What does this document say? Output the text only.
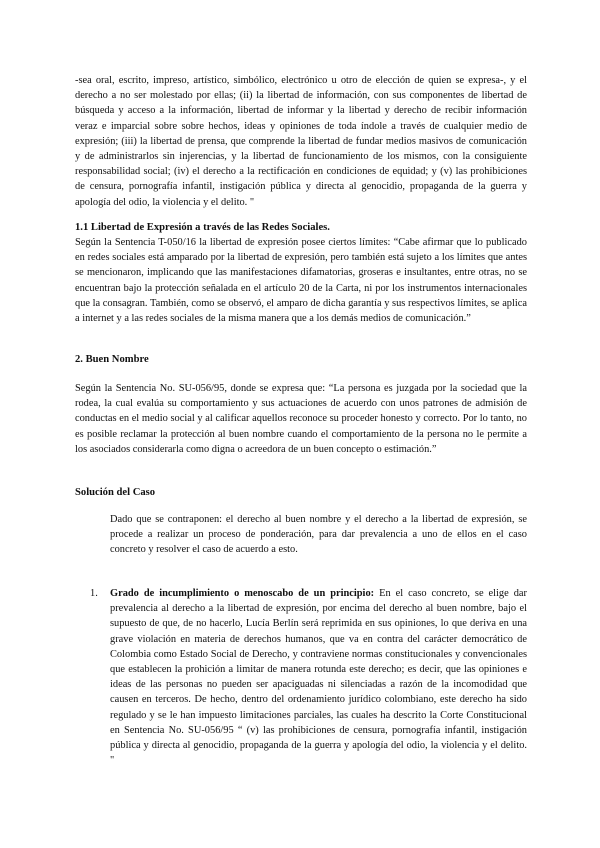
-sea oral, escrito, impreso, artístico, simbólico, electrónico u otro de elección de quien se expresa-, y el derecho a no ser molestado por ellas; (ii) la libertad de información, con sus componentes de libertad de búsqueda y acceso a la información, libertad de informar y la libertad y derecho de recibir información veraz e imparcial sobre sobre hechos, ideas y opiniones de toda índole a través de cualquier medio de expresión; (iii) la libertad de prensa, que comprende la libertad de fundar medios masivos de comunicación y de administrarlos sin injerencias, y la libertad de funcionamiento de los mismos, con la consiguiente responsabilidad social; (iv) el derecho a la rectificación en condiciones de equidad; y (v) las prohibiciones de censura, pornografía infantil, instigación pública y directa al genocidio, propaganda de la guerra y apología del odio, la violencia y el delito. "

1.1 Libertad de Expresión a través de las Redes Sociales.

Según la Sentencia T-050/16 la libertad de expresión posee ciertos límites: “Cabe afirmar que lo publicado en redes sociales está amparado por la libertad de expresión, pero también está sujeto a los límites que antes se mencionaron, implicando que las manifestaciones difamatorias, groseras e insultantes, entre otras, no se encuentran bajo la protección señalada en el artículo 20 de la Carta, ni por los instrumentos internacionales que la consagran. También, como se observó, el amparo de dicha garantía y sus respectivos límites, se aplica a internet y a las redes sociales de la misma manera que a los demás medios de comunicación.”

2. Buen Nombre

Según la Sentencia No. SU-056/95, donde se expresa que: “La persona es juzgada por la sociedad que la rodea, la cual evalúa su comportamiento y sus actuaciones de acuerdo con unos patrones de admisión de conductas en el medio social y al calificar aquellos reconoce su proceder honesto y correcto. Por lo tanto, no es posible reclamar la protección al buen nombre cuando el comportamiento de la persona no le permite a los asociados considerarla como digna o acreedora de un buen concepto o estimación.”

Solución del Caso

Dado que se contraponen: el derecho al buen nombre y el derecho a la libertad de expresión, se procede a realizar un proceso de ponderación, para dar prevalencia a uno de ellos en el caso concreto y resolver el caso de acuerdo a esto.

1. Grado de incumplimiento o menoscabo de un principio: En el caso concreto, se elige dar prevalencia al derecho a la libertad de expresión, por encima del derecho al buen nombre, bajo el supuesto de que, de no hacerlo, Lucía Berlín será reprimida en sus opiniones, lo que deriva en una grave violación en materia de derechos humanos, que va en contra del carácter democrático de Colombia como Estado Social de Derecho, y contraviene normas constitucionales y convencionales que establecen la prohición a limitar de manera rotunda este derecho; es decir, que las opiniones e ideas de las personas no pueden ser apaciguadas ni silenciadas a razón de la incomodidad que causen en terceros. De hecho, dentro del ordenamiento jurídico colombiano, este derecho ha sido regulado y se le han impuesto limitaciones parciales, las cuales ha descrito la Corte Constitucional en Sentencia No. SU-056/95 “ (v) las prohibiciones de censura, pornografía infantil, instigación pública y directa al genocidio, propaganda de la guerra y apología del odio, la violencia y el delito. "
